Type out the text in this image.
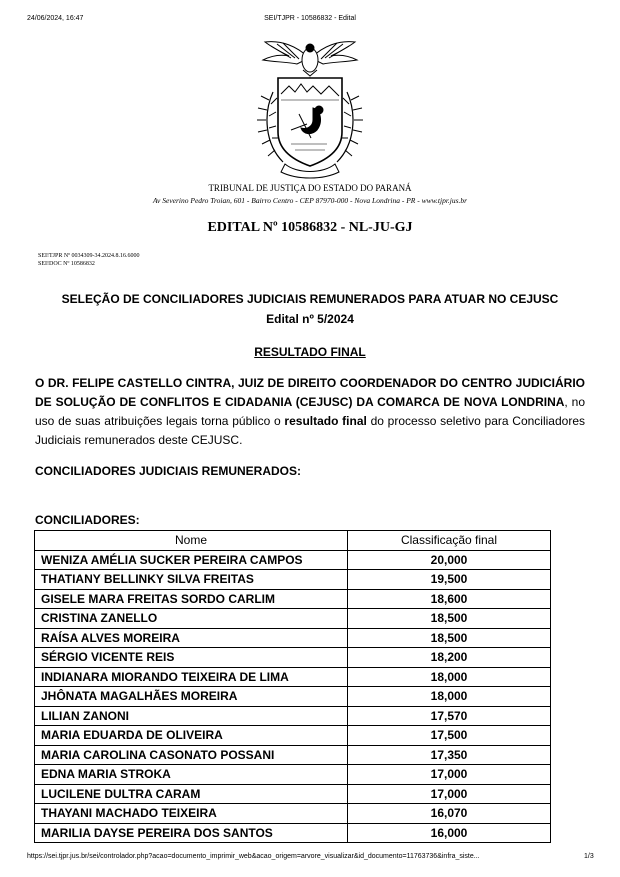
24/06/2024, 16:47	SEI/TJPR - 10586832 - Edital
TRIBUNAL DE JUSTIÇA DO ESTADO DO PARANÁ
Av Severino Pedro Troian, 601 - Bairro Centro - CEP 87970-000 - Nova Londrina - PR - www.tjpr.jus.br
EDITAL Nº 10586832 - NL-JU-GJ
SEI!TJPR Nº 0034309-34.2024.8.16.6000
SEI!DOC Nº 10586832
SELEÇÃO DE CONCILIADORES JUDICIAIS REMUNERADOS PARA ATUAR NO CEJUSC
Edital nº 5/2024
RESULTADO FINAL
O DR. FELIPE CASTELLO CINTRA, JUIZ DE DIREITO COORDENADOR DO CENTRO JUDICIÁRIO DE SOLUÇÃO DE CONFLITOS E CIDADANIA (CEJUSC) DA COMARCA DE NOVA LONDRINA, no uso de suas atribuições legais torna público o resultado final do processo seletivo para Conciliadores Judiciais remunerados deste CEJUSC.
CONCILIADORES JUDICIAIS REMUNERADOS:
CONCILIADORES:
Nome	Classificação final
WENIZA AMÉLIA SUCKER PEREIRA CAMPOS	20,000
THATIANY BELLINKY SILVA FREITAS	19,500
GISELE MARA FREITAS SORDO CARLIM	18,600
CRISTINA ZANELLO	18,500
RAÍSA ALVES MOREIRA	18,500
SÉRGIO VICENTE REIS	18,200
INDIANARA MIORANDO TEIXEIRA DE LIMA	18,000
JHÔNATA MAGALHÃES MOREIRA	18,000
LILIAN ZANONI	17,570
MARIA EDUARDA DE OLIVEIRA	17,500
MARIA CAROLINA CASONATO POSSANI	17,350
EDNA MARIA STROKA	17,000
LUCILENE DULTRA CARAM	17,000
THAYANI MACHADO TEIXEIRA	16,070
MARILIA DAYSE PEREIRA DOS SANTOS	16,000
https://sei.tjpr.jus.br/sei/controlador.php?acao=documento_imprimir_web&acao_origem=arvore_visualizar&id_documento=11763736&infra_siste...	1/3
